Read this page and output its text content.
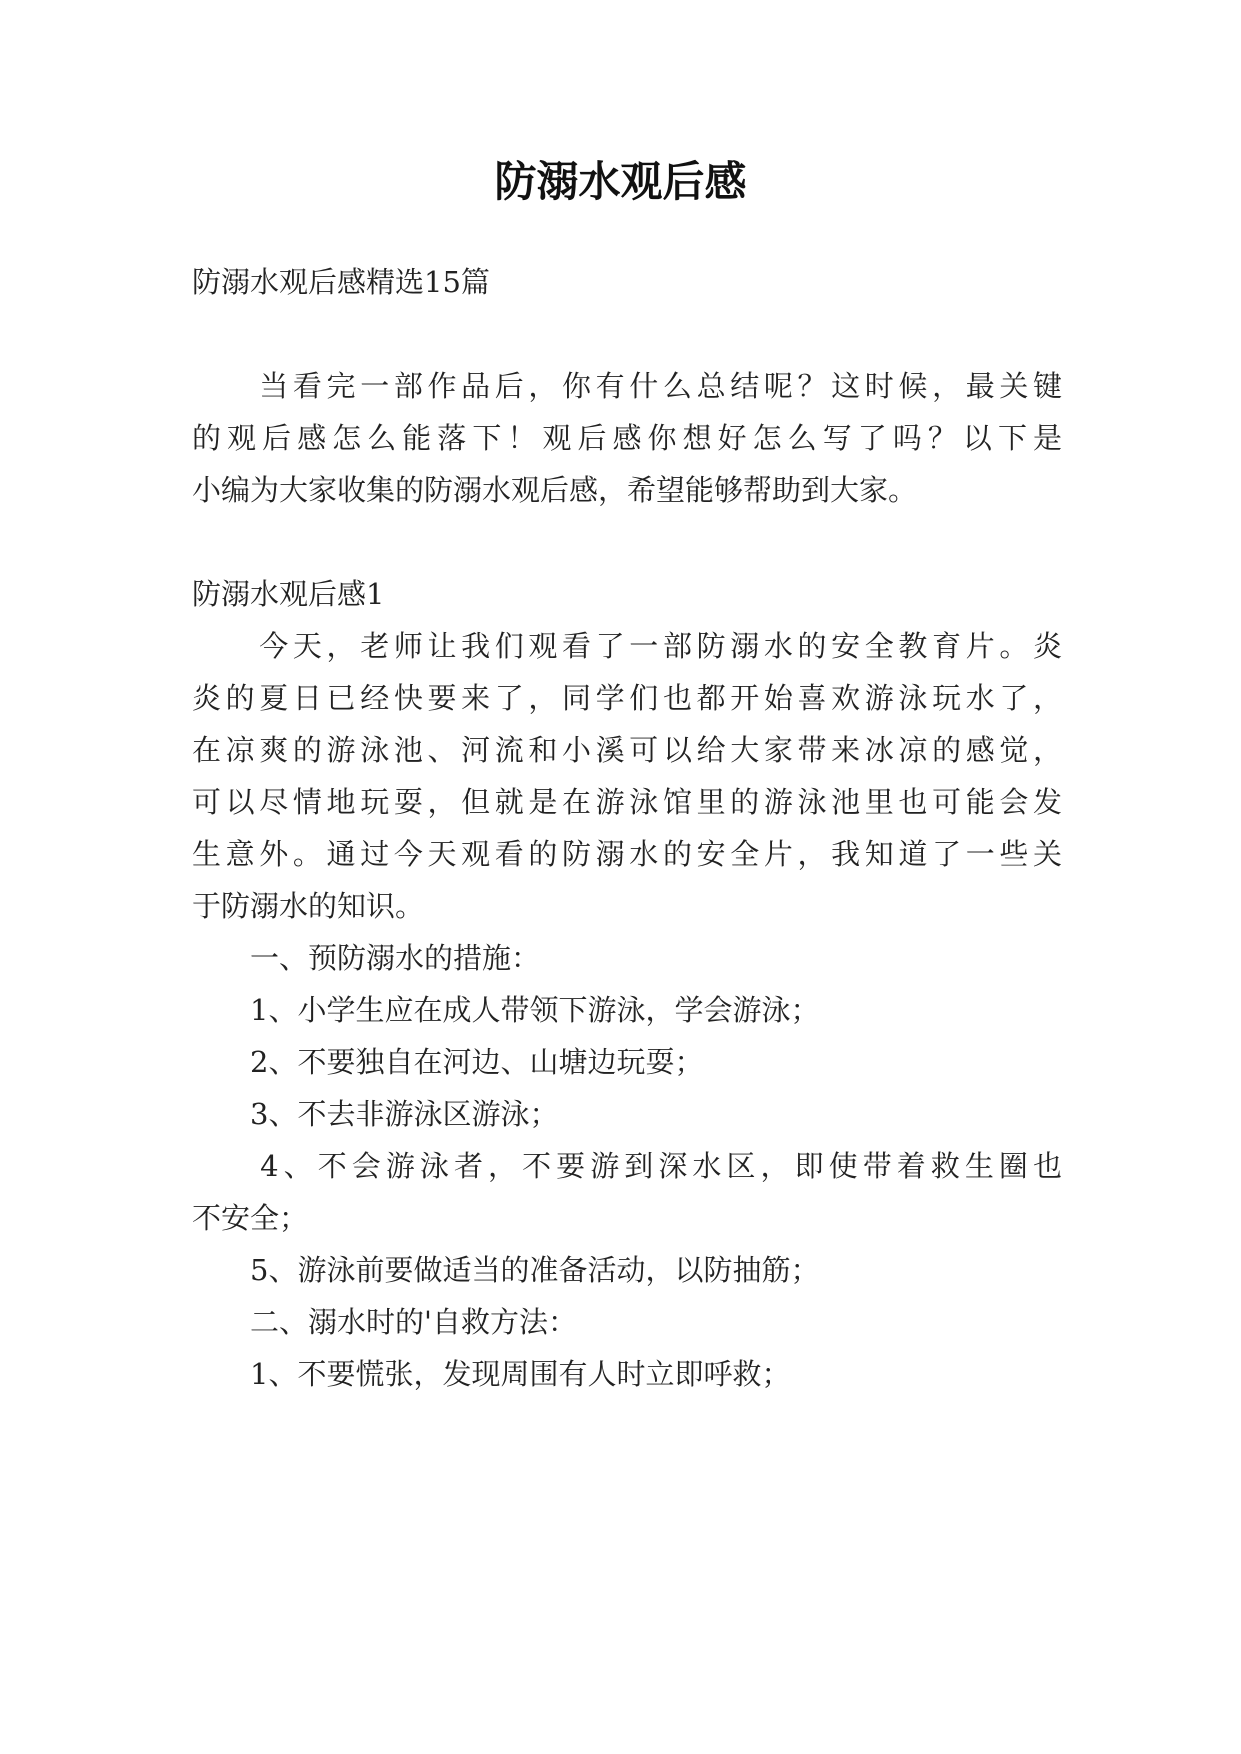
防溺水观后感

防溺水观后感精选15篇

　　当看完一部作品后，你有什么总结呢？这时候，最关键

的观后感怎么能落下！观后感你想好怎么写了吗？以下是

小编为大家收集的防溺水观后感，希望能够帮助到大家。

防溺水观后感1

　　今天，老师让我们观看了一部防溺水的安全教育片。炎

炎的夏日已经快要来了，同学们也都开始喜欢游泳玩水了，

在凉爽的游泳池、河流和小溪可以给大家带来冰凉的感觉，

可以尽情地玩耍，但就是在游泳馆里的游泳池里也可能会发

生意外。通过今天观看的防溺水的安全片，我知道了一些关

于防溺水的知识。

　　一、预防溺水的措施：

　　1、小学生应在成人带领下游泳，学会游泳；

　　2、不要独自在河边、山塘边玩耍；

　　3、不去非游泳区游泳；

　　4、不会游泳者，不要游到深水区，即使带着救生圈也

不安全；

　　5、游泳前要做适当的准备活动，以防抽筋；

　　二、溺水时的'自救方法：

　　1、不要慌张，发现周围有人时立即呼救；
